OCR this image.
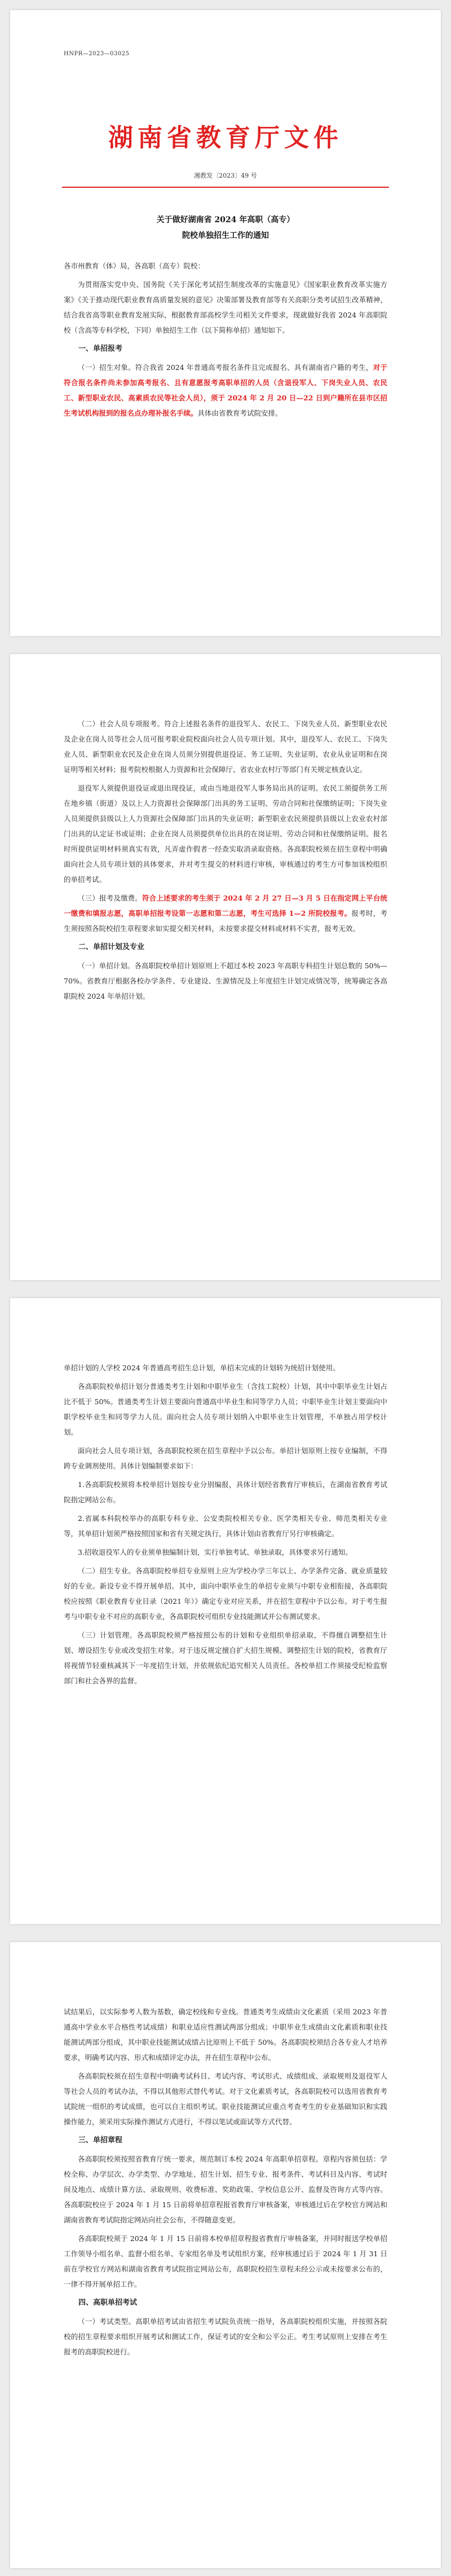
HNPR—2023—03025
湖南省教育厅文件
湘教发〔2023〕49 号
关于做好湖南省 2024 年高职（高专）
院校单独招生工作的通知

各市州教育（体）局，各高职（高专）院校：

为贯彻落实党中央、国务院《关于深化考试招生制度改革的实施意见》《国家职业教育改革实施方案》《关于推动现代职业教育高质量发展的意见》决策部署及教育部等有关高职分类考试招生改革精神，结合我省高等职业教育发展实际，根据教育部高校学生司相关文件要求，现就做好我省 2024 年高职院校（含高等专科学校，下同）单独招生工作（以下简称单招）通知如下。

一、单招报考

（一）招生对象。符合我省 2024 年普通高考报名条件且完成报名、具有湖南省户籍的考生，对于符合报名条件尚未参加高考报名、且有意愿报考高职单招的人员（含退役军人、下岗失业人员、农民工、新型职业农民、高素质农民等社会人员），须于 2024 年 2 月 20 日—22 日到户籍所在县市区招生考试机构报到的报名点办理补报名手续。具体由省教育考试院安排。

（二）社会人员专项报考。符合上述报名条件的退役军人、农民工、下岗失业人员、新型职业农民及企业在岗人员等社会人员可报考职业院校面向社会人员专项计划。其中，退役军人、农民工、下岗失业人员、新型职业农民及企业在岗人员须分别提供退役证、务工证明、失业证明、农业从业证明和在岗证明等相关材料；报考院校根据人力资源和社会保障厅、省农业农村厅等部门有关规定核查认定。

退役军人须提供退役证或退出现役证，或由当地退役军人事务局出具的证明。农民工须提供务工所在地乡镇（街道）及以上人力资源社会保障部门出具的务工证明、劳动合同和社保缴纳证明；下岗失业人员须提供县级以上人力资源社会保障部门出具的失业证明；新型职业农民须提供县级以上农业农村部门出具的认定证书或证明；企业在岗人员须提供单位出具的在岗证明、劳动合同和社保缴纳证明。报名时所提供证明材料须真实有效，凡弄虚作假者一经查实取消录取资格。各高职院校须在招生章程中明确面向社会人员专项计划的具体要求，并对考生提交的材料进行审核，审核通过的考生方可参加该校组织的单招考试。

（三）报考及缴费。符合上述要求的考生须于 2024 年 2 月 27 日—3 月 5 日在指定网上平台统一缴费和填报志愿，高职单招报考设第一志愿和第二志愿，考生可选择 1—2 所院校报考。报考时，考生须按照各院校招生章程要求如实提交相关材料，未按要求提交材料或材料不实者，报考无效。

二、单招计划及专业

（一）单招计划。各高职院校单招计划原则上不超过本校 2023 年高职专科招生计划总数的 50%—70%。省教育厅根据各校办学条件、专业建设、生源情况及上年度招生计划完成情况等，统筹确定各高职院校 2024 年单招计划。

单招计划的人学校 2024 年普通高考招生总计划，单招未完成的计划转为统招计划使用。

各高职院校单招计划分普通类考生计划和中职毕业生（含技工院校）计划，其中中职毕业生计划占比不低于 50%。普通类考生计划主要面向普通高中毕业生和同等学力人员；中职毕业生计划主要面向中职学校毕业生和同等学力人员。面向社会人员专项计划纳入中职毕业生计划管理，不单独占用学校计划。

面向社会人员专项计划，各高职院校须在招生章程中予以公布。单招计划原则上按专业编制，不得跨专业调剂使用。具体计划编制要求如下：

1.各高职院校须将本校单招计划按专业分别编报，具体计划经省教育厅审核后，在湖南省教育考试院指定网站公布。

2.省属本科院校举办的高职专科专业、公安类院校相关专业、医学类相关专业、师范类相关专业等，其单招计划须严格按照国家和省有关规定执行，具体计划由省教育厅另行审核确定。

3.招收退役军人的专业须单独编制计划，实行单独考试、单独录取，具体要求另行通知。

（二）招生专业。各高职院校单招专业原则上应为学校办学三年以上、办学条件完备、就业质量较好的专业。新设专业不得开展单招。其中，面向中职毕业生的单招专业须与中职专业相衔接，各高职院校应按照《职业教育专业目录（2021 年）》确定专业对应关系，并在招生章程中予以公布。对于考生报考与中职专业不对应的高职专业，各高职院校可组织专业技能测试并公布测试要求。

（三）计划管理。各高职院校须严格按照公布的计划和专业组织单招录取，不得擅自调整招生计划、增设招生专业或改变招生对象。对于违反规定擅自扩大招生规模、调整招生计划的院校，省教育厅将视情节轻重核减其下一年度招生计划，并依规依纪追究相关人员责任。各校单招工作须接受纪检监察部门和社会各界的监督。

试结果后，以实际参考人数为基数，确定校线和专业线。普通类考生成绩由文化素质（采用 2023 年普通高中学业水平合格性考试成绩）和职业适应性测试两部分组成；中职毕业生成绩由文化素质和职业技能测试两部分组成，其中职业技能测试成绩占比原则上不低于 50%。各高职院校须结合各专业人才培养要求，明确考试内容、形式和成绩评定办法，并在招生章程中公布。

各高职院校须在招生章程中明确考试科目、考试内容、考试形式、成绩组成、录取规则及退役军人等社会人员的考试办法，不得以其他形式替代考试。对于文化素质考试，各高职院校可以选用省教育考试院统一组织的考试成绩，也可以自主组织考试。职业技能测试应重点考查考生的专业基础知识和实践操作能力，须采用实际操作测试方式进行，不得以笔试或面试等方式代替。

三、单招章程

各高职院校须按照省教育厅统一要求，规范制订本校 2024 年高职单招章程。章程内容须包括：学校全称、办学层次、办学类型、办学地址、招生计划、招生专业、报考条件、考试科目及内容、考试时间及地点、成绩计算方法、录取规则、收费标准、奖助政策、学校信息公开、监督及咨询方式等内容。各高职院校应于 2024 年 1 月 15 日前将单招章程报省教育厅审核备案，审核通过后在学校官方网站和湖南省教育考试院指定网站向社会公布，不得随意变更。

各高职院校须于 2024 年 1 月 15 日前将本校单招章程报省教育厅审核备案，并同时报送学校单招工作领导小组名单、监督小组名单、专家组名单及考试组织方案，经审核通过后于 2024 年 1 月 31 日前在学校官方网站和湖南省教育考试院指定网站公布，高职院校招生章程未经公示或未按要求公布的，一律不得开展单招工作。

四、高职单招考试

（一）考试类型。高职单招考试由省招生考试院负责统一指导，各高职院校组织实施，并按照各院校的招生章程要求组织开展考试和测试工作，保证考试的安全和公平公正。考生考试原则上安排在考生报考的高职院校进行。
